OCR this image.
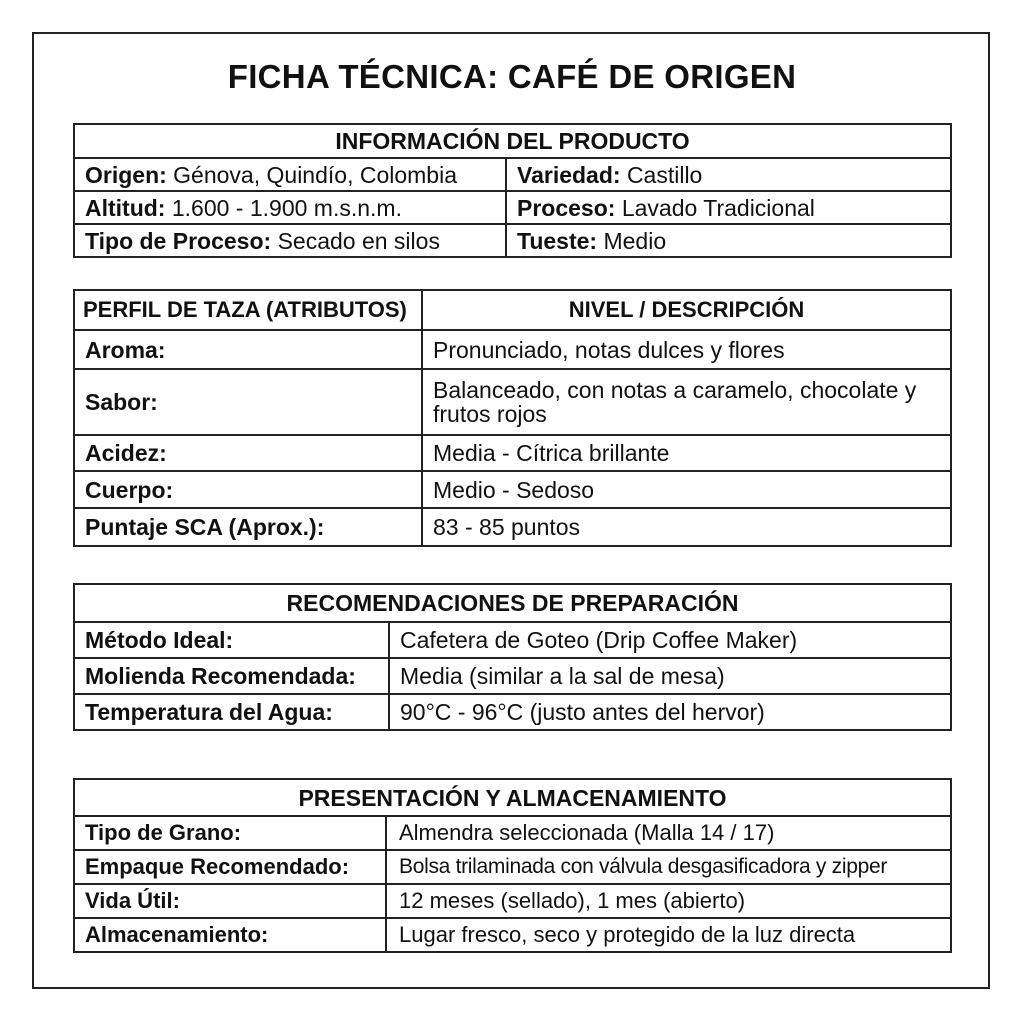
FICHA TÉCNICA: CAFÉ DE ORIGEN
INFORMACIÓN DEL PRODUCTO	
Origen: Génova, Quindío, Colombia	Variedad: Castillo
Altitud: 1.600 - 1.900 m.s.n.m.	Proceso: Lavado Tradicional
Tipo de Proceso: Secado en silos	Tueste: Medio
PERFIL DE TAZA (ATRIBUTOS)	NIVEL / DESCRIPCIÓN
Aroma:	Pronunciado, notas dulces y flores
Sabor:	Balanceado, con notas a caramelo, chocolate y frutos rojos
Acidez:	Media - Cítrica brillante
Cuerpo:	Medio - Sedoso
Puntaje SCA (Aprox.):	83 - 85 puntos
RECOMENDACIONES DE PREPARACIÓN	
Método Ideal:	Cafetera de Goteo (Drip Coffee Maker)
Molienda Recomendada:	Media (similar a la sal de mesa)
Temperatura del Agua:	90°C - 96°C (justo antes del hervor)
PRESENTACIÓN Y ALMACENAMIENTO	
Tipo de Grano:	Almendra seleccionada (Malla 14 / 17)
Empaque Recomendado:	Bolsa trilaminada con válvula desgasificadora y zipper
Vida Útil:	12 meses (sellado), 1 mes (abierto)
Almacenamiento:	Lugar fresco, seco y protegido de la luz directa
